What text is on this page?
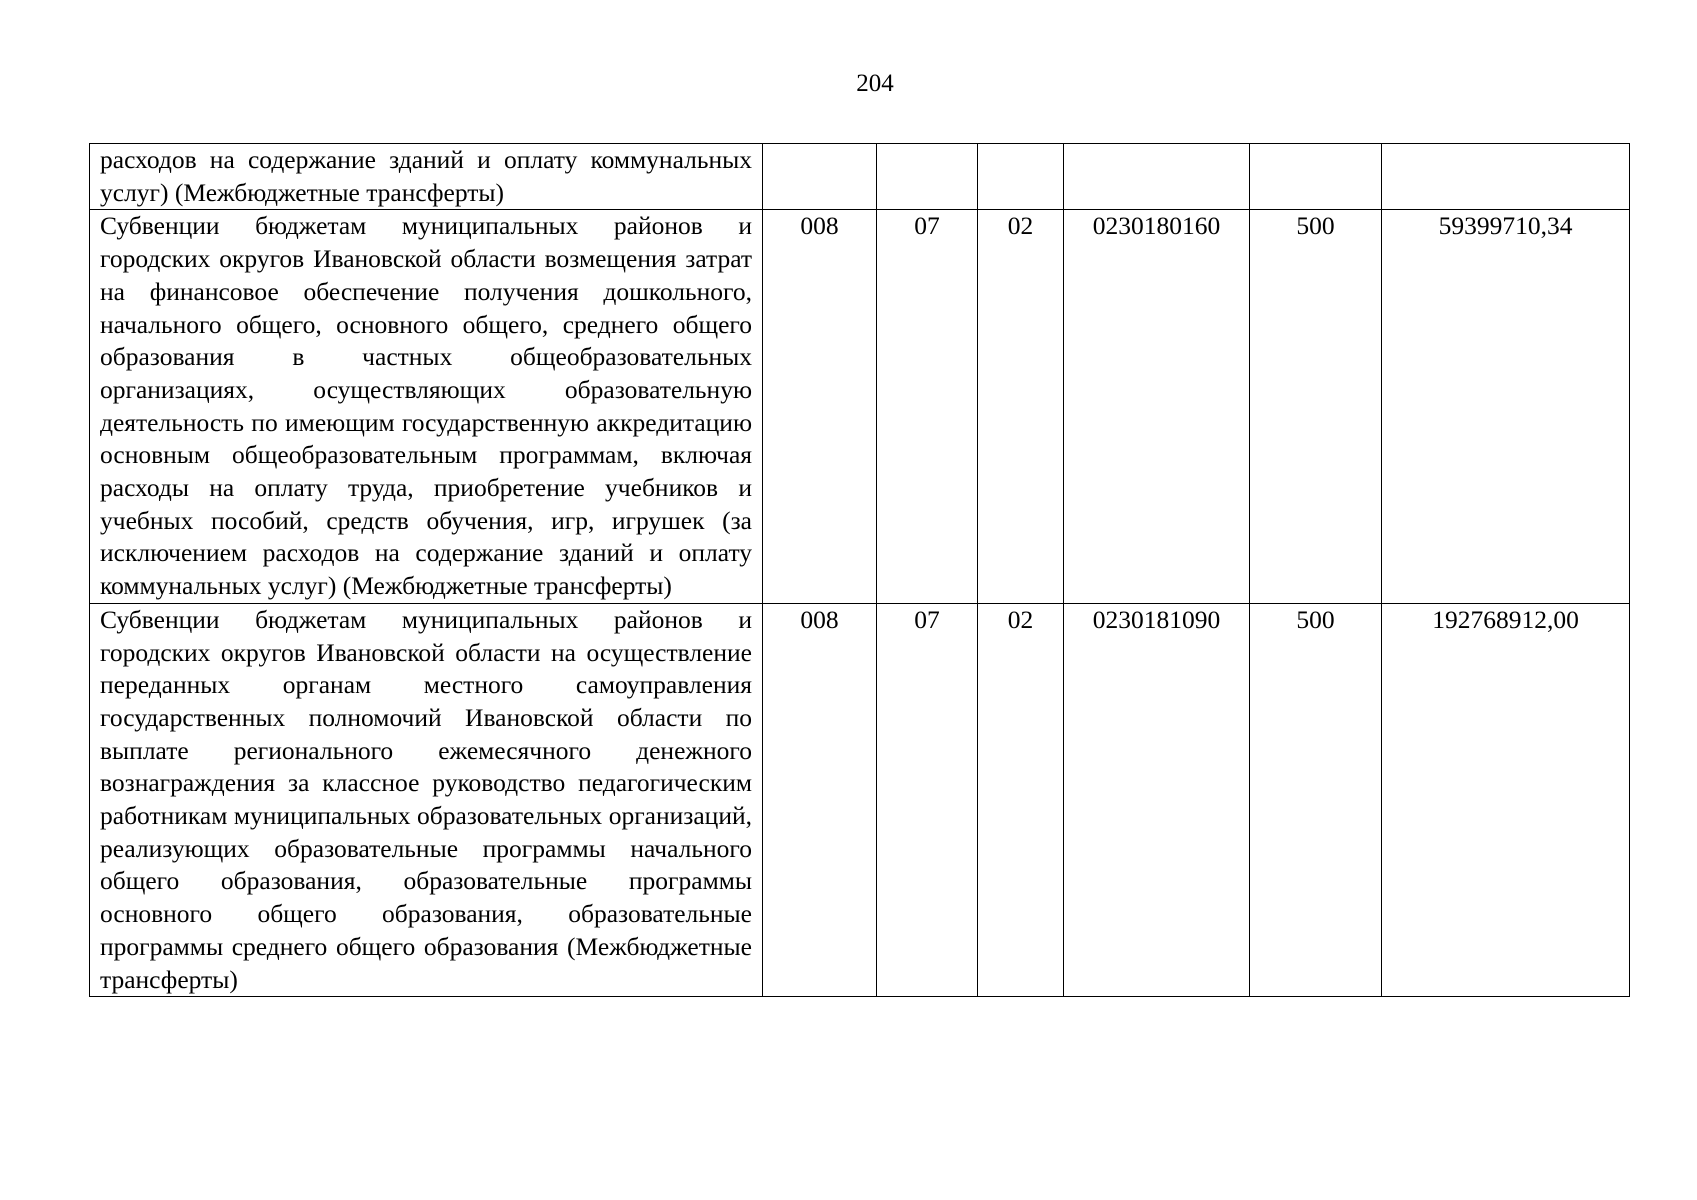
204
расходов на содержание зданий и оплату коммунальных услуг) (Межбюджетные трансферты)						
Субвенции бюджетам муниципальных районов и городских округов Ивановской области возмещения затрат на финансовое обеспечение получения дошкольного, начального общего, основного общего, среднего общего образования в частных общеобразовательных организациях, осуществляющих образовательную деятельность по имеющим государственную аккредитацию основным общеобразовательным программам, включая расходы на оплату труда, приобретение учебников и учебных пособий, средств обучения, игр, игрушек (за исключением расходов на содержание зданий и оплату коммунальных услуг) (Межбюджетные трансферты)	008	07	02	0230180160	500	59399710,34
Субвенции бюджетам муниципальных районов и городских округов Ивановской области на осуществление переданных органам местного самоуправления государственных полномочий Ивановской области по выплате регионального ежемесячного денежного вознаграждения за классное руководство педагогическим работникам муниципальных образовательных организаций, реализующих образовательные программы начального общего образования, образовательные программы основного общего образования, образовательные программы среднего общего образования (Межбюджетные трансферты)	008	07	02	0230181090	500	192768912,00
